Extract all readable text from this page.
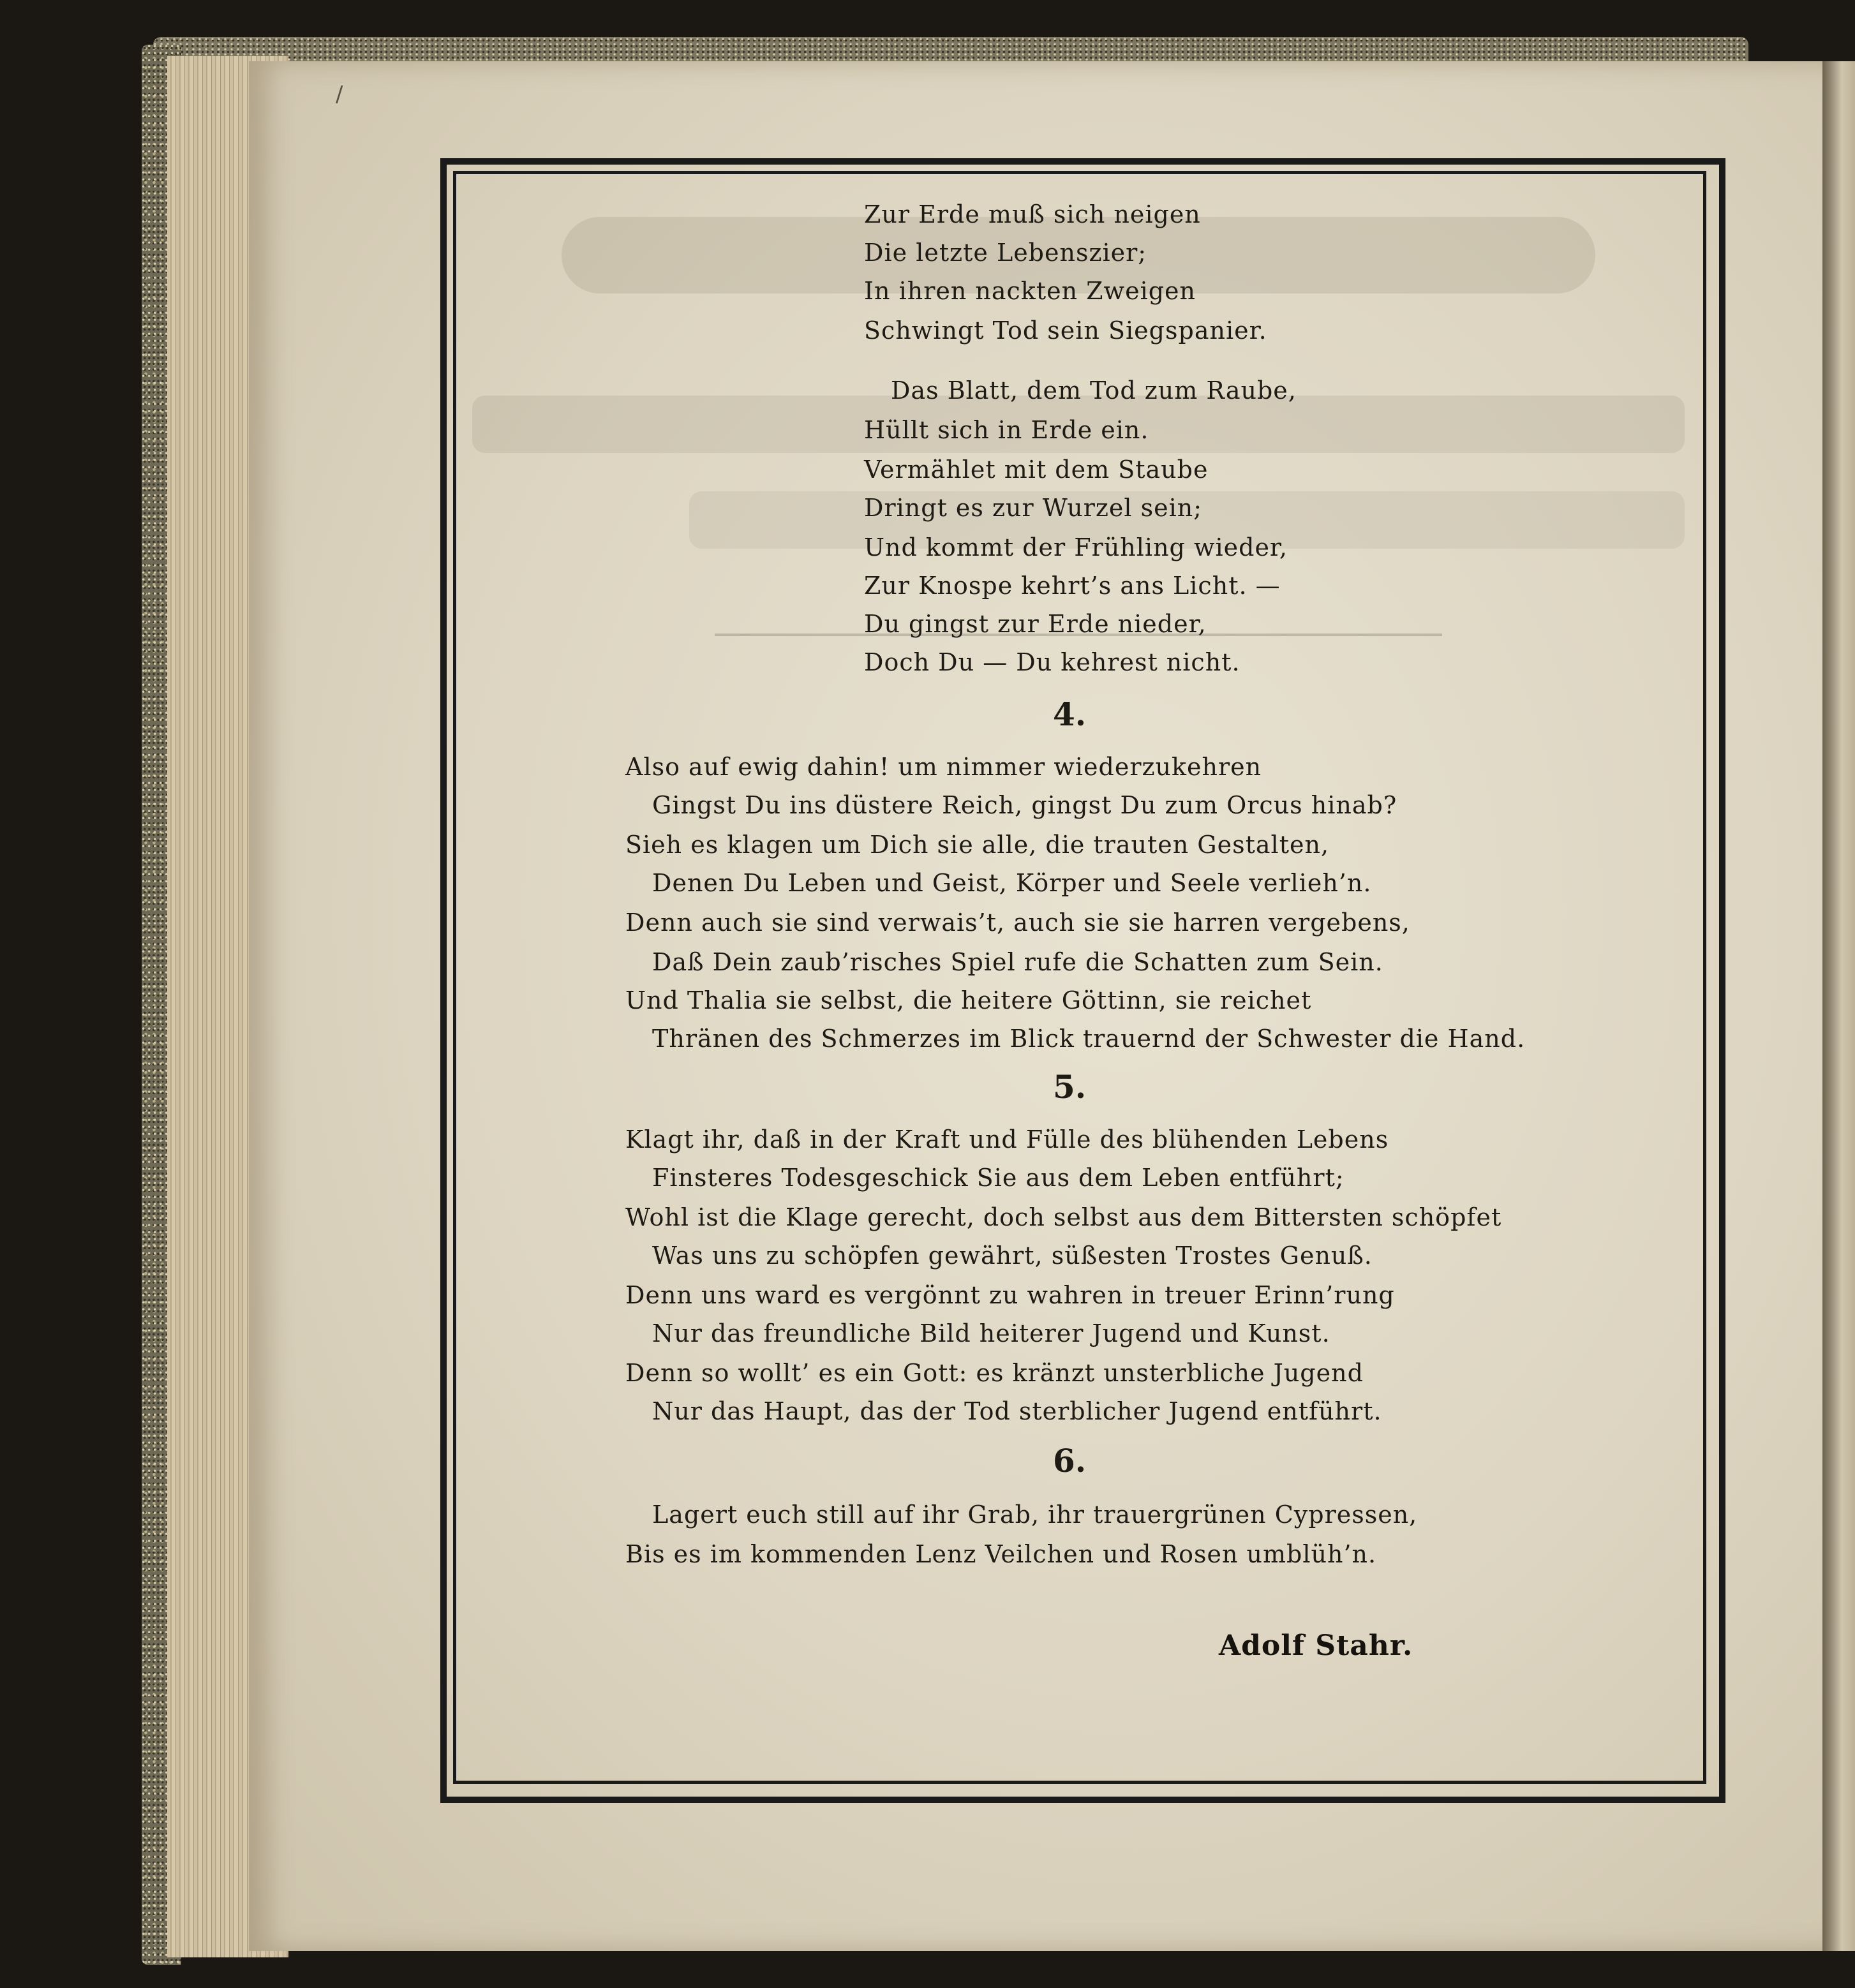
/
Zur Erde muß sich neigen
Die letzte Lebenszier;
In ihren nackten Zweigen
Schwingt Tod sein Siegspanier.
Das Blatt, dem Tod zum Raube,
Hüllt sich in Erde ein.
Vermählet mit dem Staube
Dringt es zur Wurzel sein;
Und kommt der Frühling wieder,
Zur Knospe kehrt’s ans Licht. —
Du gingst zur Erde nieder,
Doch Du — Du kehrest nicht.
4.
Also auf ewig dahin! um nimmer wiederzukehren
Gingst Du ins düstere Reich, gingst Du zum Orcus hinab?
Sieh es klagen um Dich sie alle, die trauten Gestalten,
Denen Du Leben und Geist, Körper und Seele verlieh’n.
Denn auch sie sind verwais’t, auch sie sie harren vergebens,
Daß Dein zaub’risches Spiel rufe die Schatten zum Sein.
Und Thalia sie selbst, die heitere Göttinn, sie reichet
Thränen des Schmerzes im Blick trauernd der Schwester die Hand.
5.
Klagt ihr, daß in der Kraft und Fülle des blühenden Lebens
Finsteres Todesgeschick Sie aus dem Leben entführt;
Wohl ist die Klage gerecht, doch selbst aus dem Bittersten schöpfet
Was uns zu schöpfen gewährt, süßesten Trostes Genuß.
Denn uns ward es vergönnt zu wahren in treuer Erinn’rung
Nur das freundliche Bild heiterer Jugend und Kunst.
Denn so wollt’ es ein Gott: es kränzt unsterbliche Jugend
Nur das Haupt, das der Tod sterblicher Jugend entführt.
6.
Lagert euch still auf ihr Grab, ihr trauergrünen Cypressen,
Bis es im kommenden Lenz Veilchen und Rosen umblüh’n.
Adolf Stahr.
